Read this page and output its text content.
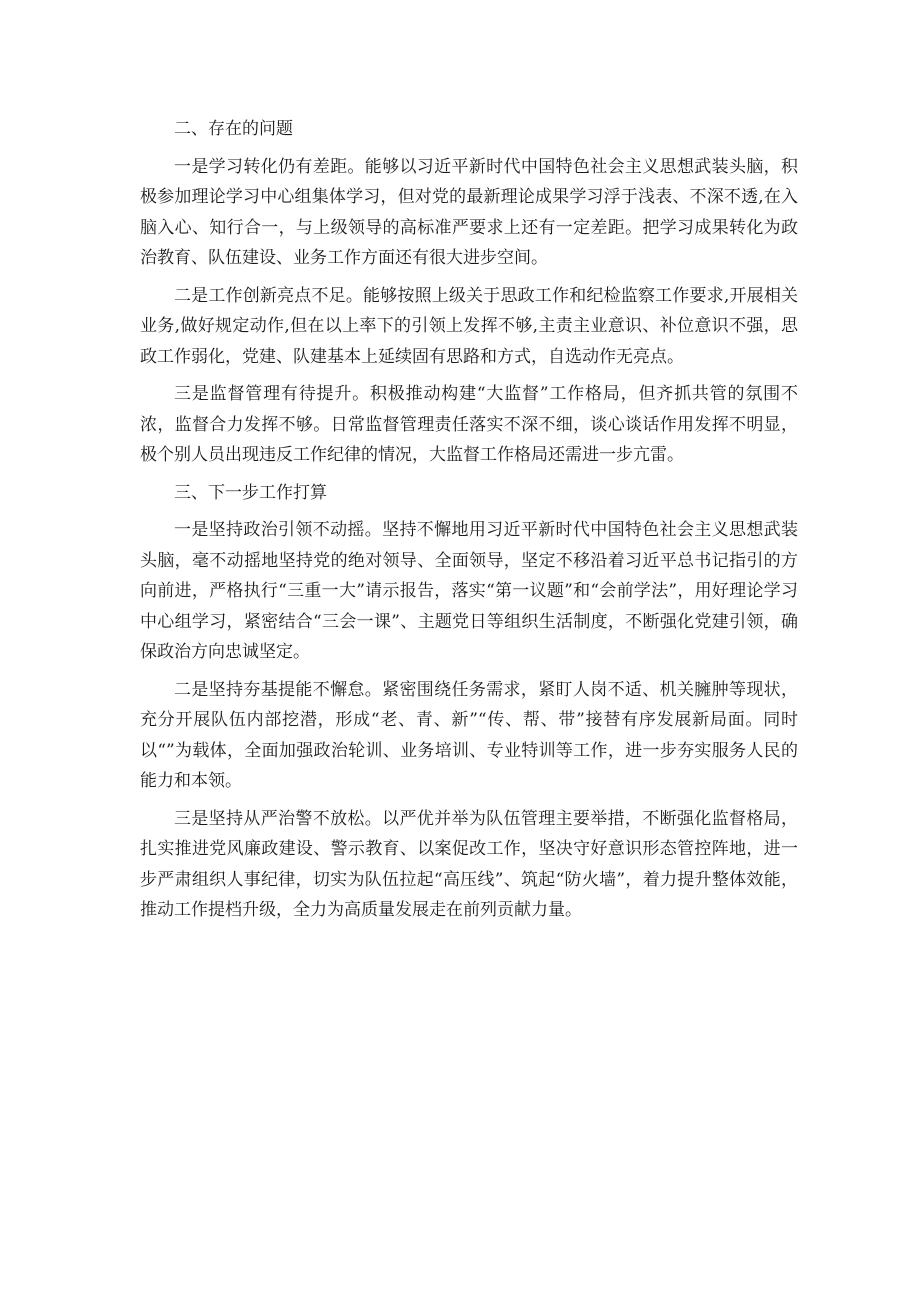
二、存在的问题

一是学习转化仍有差距。能够以习近平新时代中国特色社会主义思想武装头脑，积极参加理论学习中心组集体学习，但对党的最新理论成果学习浮于浅表、不深不透,在入脑入心、知行合一，与上级领导的高标准严要求上还有一定差距。把学习成果转化为政治教育、队伍建设、业务工作方面还有很大进步空间。

二是工作创新亮点不足。能够按照上级关于思政工作和纪检监察工作要求,开展相关业务,做好规定动作,但在以上率下的引领上发挥不够,主责主业意识、补位意识不强，思政工作弱化，党建、队建基本上延续固有思路和方式，自选动作无亮点。

三是监督管理有待提升。积极推动构建“大监督”工作格局，但齐抓共管的氛围不浓，监督合力发挥不够。日常监督管理责任落实不深不细，谈心谈话作用发挥不明显，极个别人员出现违反工作纪律的情况，大监督工作格局还需进一步亢雷。

三、下一步工作打算

一是坚持政治引领不动摇。坚持不懈地用习近平新时代中国特色社会主义思想武装头脑，毫不动摇地坚持党的绝对领导、全面领导，坚定不移沿着习近平总书记指引的方向前进，严格执行“三重一大”请示报告，落实“第一议题”和“会前学法”，用好理论学习中心组学习，紧密结合“三会一课”、主题党日等组织生活制度，不断强化党建引领，确保政治方向忠诚坚定。

二是坚持夯基提能不懈怠。紧密围绕任务需求，紧盯人岗不适、机关臃肿等现状，充分开展队伍内部挖潜，形成“老、青、新”“传、帮、带”接替有序发展新局面。同时以“”为载体，全面加强政治轮训、业务培训、专业特训等工作，进一步夯实服务人民的能力和本领。

三是坚持从严治警不放松。以严优并举为队伍管理主要举措，不断强化监督格局，扎实推进党风廉政建设、警示教育、以案促改工作，坚决守好意识形态管控阵地，进一步严肃组织人事纪律，切实为队伍拉起“高压线”、筑起“防火墙”，着力提升整体效能，推动工作提档升级，全力为高质量发展走在前列贡献力量。
